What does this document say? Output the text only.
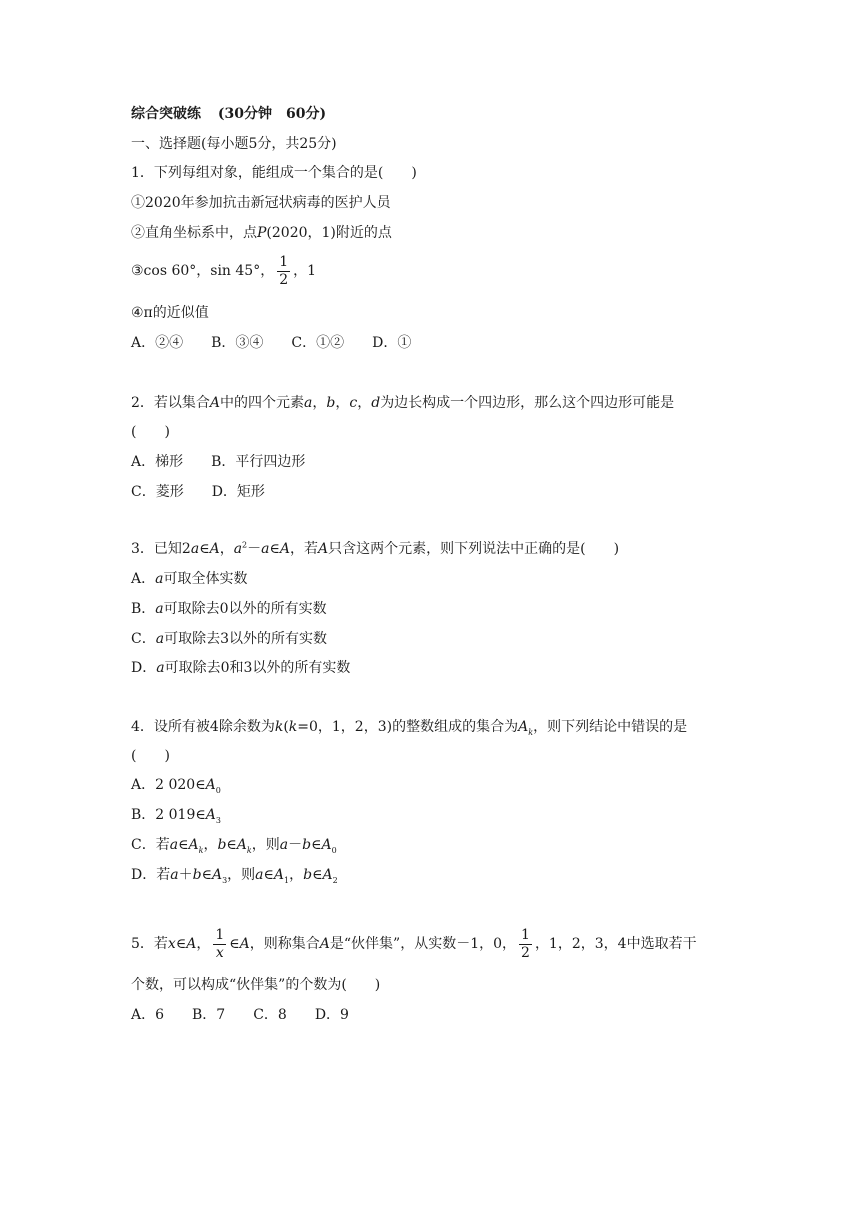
综合突破练 (30分钟　60分)
一、选择题(每小题5分，共25分)
1．下列每组对象，能组成一个集合的是(　　)
①2020年参加抗击新冠状病毒的医护人员
②直角坐标系中，点P(2020，1)附近的点
③cos 60°，sin 45°， $\frac{1}{2}$ ，1
④π的近似值
A．②④　　B．③④　　C．①②　　D．①
2．若以集合A中的四个元素a，b，c，d为边长构成一个四边形，那么这个四边形可能是
(　　)
A．梯形　　B．平行四边形
C．菱形　　D．矩形
3．已知2a∈A，$a^2-a\in A$，若A只含这两个元素，则下列说法中正确的是(　　)
A．a可取全体实数
B．a可取除去0以外的所有实数
C．a可取除去3以外的所有实数
D．a可取除去0和3以外的所有实数
4．设所有被4除余数为k(k=0，1，2，3)的整数组成的集合为$A_k$，则下列结论中错误的是
(　　)
A．2 $020\in A_0$
B．2 $019\in A_3$
C．若$a\in A_k$，$b\in A_k$，则$a-b\in A_0$
D．若$a+b\in A_3$，则$a\in A_1$，$b\in A_2$
5．若x∈A， $\frac{1}{x}$ ∈A，则称集合A是“伙伴集”，从实数－1，0， $\frac{1}{2}$ ，1，2，3，4中选取若干
个数，可以构成“伙伴集”的个数为(　　)
A．6　　B．7　　C．8　　D．9
